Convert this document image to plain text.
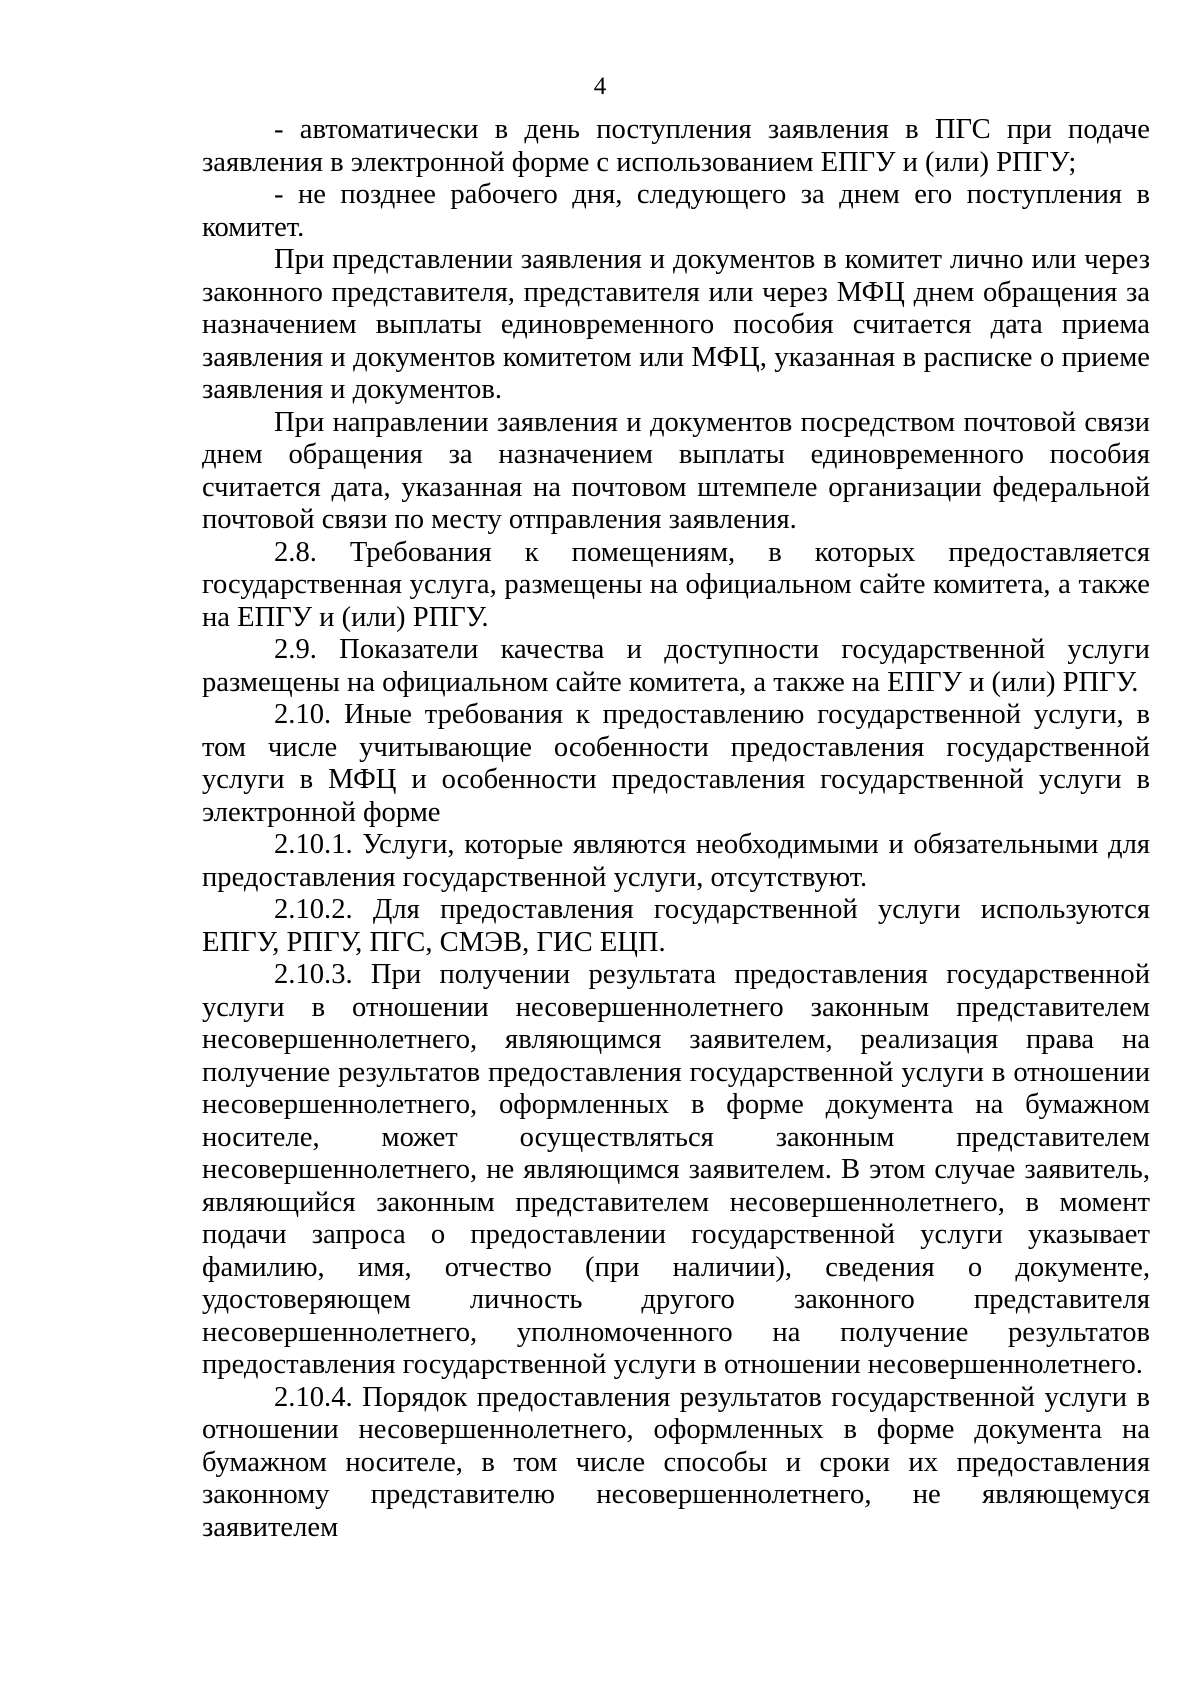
4

- автоматически в день поступления заявления в ПГС при подаче заявления в электронной форме с использованием ЕПГУ и (или) РПГУ;

- не позднее рабочего дня, следующего за днем его поступления в комитет.

При представлении заявления и документов в комитет лично или через законного представителя, представителя или через МФЦ днем обращения за назначением выплаты единовременного пособия считается дата приема заявления и документов комитетом или МФЦ, указанная в расписке о приеме заявления и документов.

При направлении заявления и документов посредством почтовой связи днем обращения за назначением выплаты единовременного пособия считается дата, указанная на почтовом штемпеле организации федеральной почтовой связи по месту отправления заявления.

2.8. Требования к помещениям, в которых предоставляется государственная услуга, размещены на официальном сайте комитета, а также на ЕПГУ и (или) РПГУ.

2.9. Показатели качества и доступности государственной услуги размещены на официальном сайте комитета, а также на ЕПГУ и (или) РПГУ.

2.10. Иные требования к предоставлению государственной услуги, в том числе учитывающие особенности предоставления государственной услуги в МФЦ и особенности предоставления государственной услуги в электронной форме

2.10.1. Услуги, которые являются необходимыми и обязательными для предоставления государственной услуги, отсутствуют.

2.10.2. Для предоставления государственной услуги используются ЕПГУ, РПГУ, ПГС, СМЭВ, ГИС ЕЦП.

2.10.3. При получении результата предоставления государственной услуги в отношении несовершеннолетнего законным представителем несовершеннолетнего, являющимся заявителем, реализация права на получение результатов предоставления государственной услуги в отношении несовершеннолетнего, оформленных в форме документа на бумажном носителе, может осуществляться законным представителем несовершеннолетнего, не являющимся заявителем. В этом случае заявитель, являющийся законным представителем несовершеннолетнего, в момент подачи запроса о предоставлении государственной услуги указывает фамилию, имя, отчество (при наличии), сведения о документе, удостоверяющем личность другого законного представителя несовершеннолетнего, уполномоченного на получение результатов предоставления государственной услуги в отношении несовершеннолетнего.

2.10.4. Порядок предоставления результатов государственной услуги в отношении несовершеннолетнего, оформленных в форме документа на бумажном носителе, в том числе способы и сроки их предоставления законному представителю несовершеннолетнего, не являющемуся заявителем
